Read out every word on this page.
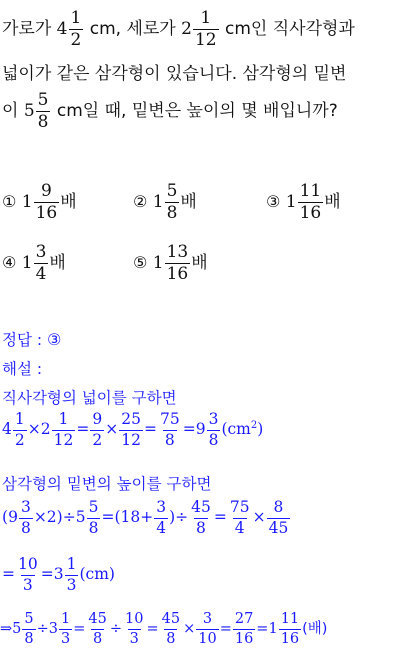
가로가 $4 \frac{1}{2}$ cm, 세로가 $2 \frac{1}{12}$ cm인 직사각형과
넓이가 같은 삼각형이 있습니다. 삼각형의 밑변
이 $5 \frac{5}{8}$ cm일 때, 밑변은 높이의 몇 배입니까?
① $1 \frac{9}{16}$ 배	② $1 \frac{5}{8}$ 배	③ $1 \frac{11}{16}$ 배
④ $1 \frac{3}{4}$ 배	⑤ $1 \frac{13}{16}$ 배
정답 : ③
해설 :
직사각형의 넓이를 구하면
$4 \frac{1}{2} \times 2 \frac{1}{12} = \frac{9}{2} \times \frac{25}{12} = \frac{75}{8} =9 \frac{3}{8} (cm^2)$
삼각형의 밑변의 높이를 구하면
$(9 \frac{3}{8} \times 2)\div 5 \frac{5}{8} =(18+ \frac{3}{4}$ )÷ $\frac{45}{8} = \frac{75}{4} \times \frac{8}{45}$
= $\frac{10}{3} =3 \frac{1}{3} (cm)$
⇒5 $\frac{5}{8} \div 3 \frac{1}{3} = \frac{45}{8} \div \frac{10}{3} = \frac{45}{8} \times \frac{3}{10} = \frac{27}{16} =1 \frac{11}{16}$ (배)
